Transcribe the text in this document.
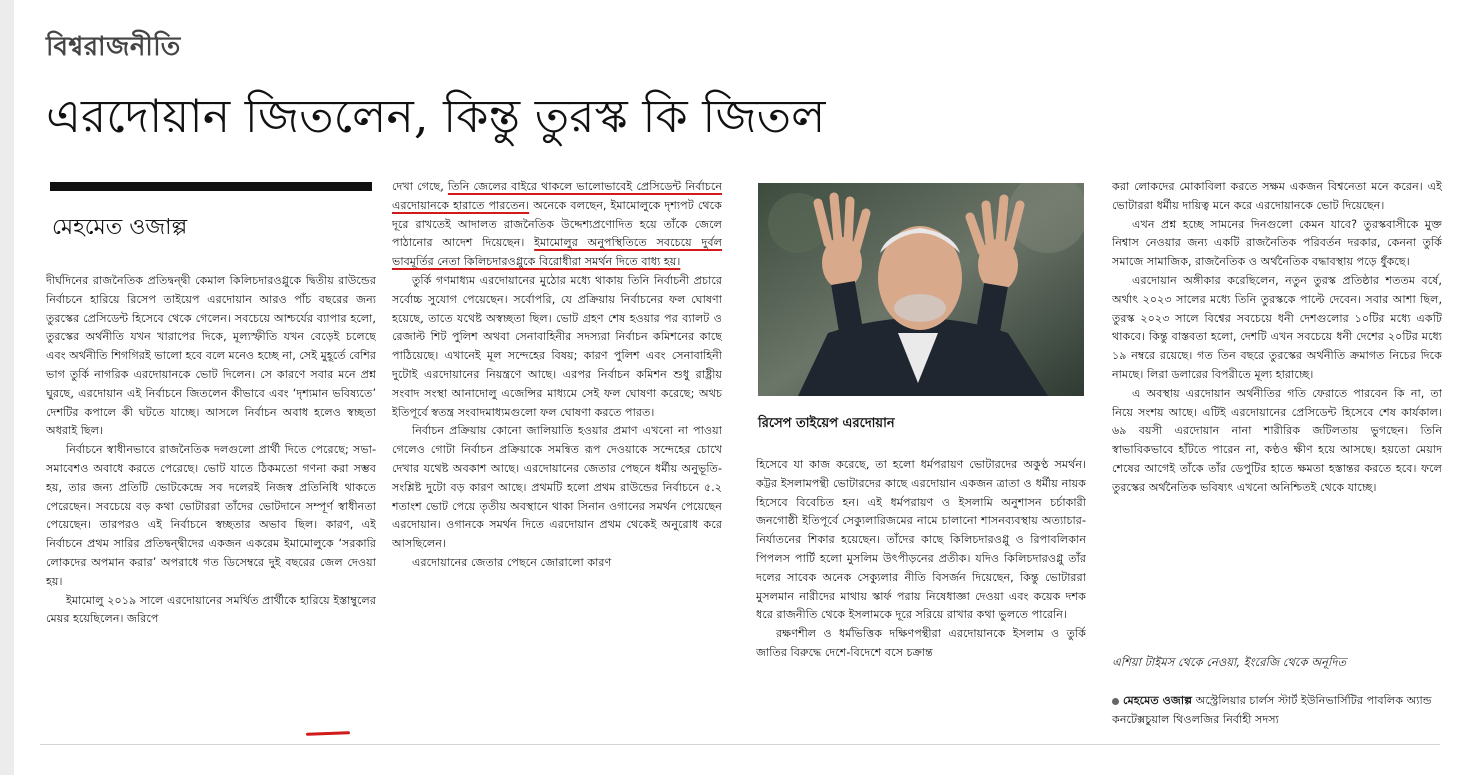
বিশ্বরাজনীতি
এরদোয়ান জিতলেন, কিন্তু তুরস্ক কি জিতল
মেহমেত ওজাল্প

দীর্ঘদিনের রাজনৈতিক প্রতিদ্বন্দ্বী কেমাল কিলিচদারওগ্লুকে দ্বিতীয় রাউন্ডের নির্বাচনে হারিয়ে রিসেপ তাইয়েপ এরদোয়ান আরও পাঁচ বছরের জন্য তুরস্কের প্রেসিডেন্ট হিসেবে থেকে গেলেন। সবচেয়ে আশ্চর্যের ব্যাপার হলো, তুরস্কের অর্থনীতি যখন খারাপের দিকে, মূল্যস্ফীতি যখন বেড়েই চলেছে এবং অর্থনীতি শিগগিরই ভালো হবে বলে মনেও হচ্ছে না, সেই মুহূর্তে বেশির ভাগ তুর্কি নাগরিক এরদোয়ানকে ভোট দিলেন। সে কারণে সবার মনে প্রশ্ন ঘুরছে, এরদোয়ান এই নির্বাচনে জিতলেন কীভাবে এবং ‘দৃশ্যমান ভবিষ্যতে’ দেশটির কপালে কী ঘটতে যাচ্ছে। আসলে নির্বাচন অবাধ হলেও স্বচ্ছতা অধরাই ছিল।

নির্বাচনে স্বাধীনভাবে রাজনৈতিক দলগুলো প্রার্থী দিতে পেরেছে; সভা-সমাবেশও অবাধে করতে পেরেছে। ভোট যাতে ঠিকমতো গণনা করা সম্ভব হয়, তার জন্য প্রতিটি ভোটকেন্দ্রে সব দলেরই নিজস্ব প্রতিনিধি থাকতে পেরেছেন। সবচেয়ে বড় কথা ভোটাররা তাঁদের ভোটদানে সম্পূর্ণ স্বাধীনতা পেয়েছেন। তারপরও এই নির্বাচনে স্বচ্ছতার অভাব ছিল। কারণ, এই নির্বাচনে প্রথম সারির প্রতিদ্বন্দ্বীদের একজন একরেম ইমামোলুকে ‘সরকারি লোকদের অপমান করার’ অপরাধে গত ডিসেম্বরে দুই বছরের জেল দেওয়া হয়।

ইমামোলু ২০১৯ সালে এরদোয়ানের সমর্থিত প্রার্থীকে হারিয়ে ইস্তাম্বুলের মেয়র হয়েছিলেন। জরিপে

দেখা গেছে, তিনি জেলের বাইরে থাকলে ভালোভাবেই প্রেসিডেন্ট নির্বাচনে এরদোয়ানকে হারাতে পারতেন। অনেকে বলছেন, ইমামোলুকে দৃশ্যপট থেকে দূরে রাখতেই আদালত রাজনৈতিক উদ্দেশ্যপ্রণোদিত হয়ে তাঁকে জেলে পাঠানোর আদেশ দিয়েছেন। ইমামোলুর অনুপস্থিতিতে সবচেয়ে দুর্বল ভাবমূর্তির নেতা কিলিচদারওগ্লুকে বিরোধীরা সমর্থন দিতে বাধ্য হয়।

তুর্কি গণমাধ্যম এরদোয়ানের মুঠোর মধ্যে থাকায় তিনি নির্বাচনী প্রচারে সর্বোচ্চ সুযোগ পেয়েছেন। সর্বোপরি, যে প্রক্রিয়ায় নির্বাচনের ফল ঘোষণা হয়েছে, তাতে যথেষ্ট অস্বচ্ছতা ছিল। ভোট গ্রহণ শেষ হওয়ার পর ব্যালট ও রেজাল্ট শিট পুলিশ অথবা সেনাবাহিনীর সদস্যরা নির্বাচন কমিশনের কাছে পাঠিয়েছে। এখানেই মূল সন্দেহের বিষয়; কারণ পুলিশ এবং সেনাবাহিনী দুটোই এরদোয়ানের নিয়ন্ত্রণে আছে। এরপর নির্বাচন কমিশন শুধু রাষ্ট্রীয় সংবাদ সংস্থা আনাদোলু এজেন্সির মাধ্যমে সেই ফল ঘোষণা করেছে; অথচ ইতিপূর্বে স্বতন্ত্র সংবাদমাধ্যমগুলো ফল ঘোষণা করতে পারত।

নির্বাচন প্রক্রিয়ায় কোনো জালিয়াতি হওয়ার প্রমাণ এখনো না পাওয়া গেলেও গোটা নির্বাচন প্রক্রিয়াকে সমন্বিত রূপ দেওয়াকে সন্দেহের চোখে দেখার যথেষ্ট অবকাশ আছে। এরদোয়ানের জেতার পেছনে ধর্মীয় অনুভূতি-সংশ্লিষ্ট দুটো বড় কারণ আছে। প্রথমটি হলো প্রথম রাউন্ডের নির্বাচনে ৫.২ শতাংশ ভোট পেয়ে তৃতীয় অবস্থানে থাকা সিনান ওগানের সমর্থন পেয়েছেন এরদোয়ান। ওগানকে সমর্থন দিতে এরদোয়ান প্রথম থেকেই অনুরোধ করে আসছিলেন।

এরদোয়ানের জেতার পেছনে জোরালো কারণ

রিসেপ তাইয়েপ এরদোয়ান

হিসেবে যা কাজ করেছে, তা হলো ধর্মপরায়ণ ভোটারদের অকুণ্ঠ সমর্থন। কট্টর ইসলামপন্থী ভোটারদের কাছে এরদোয়ান একজন ত্রাতা ও ধর্মীয় নায়ক হিসেবে বিবেচিত হন। এই ধর্মপরায়ণ ও ইসলামি অনুশাসন চর্চাকারী জনগোষ্ঠী ইতিপূর্বে সেক্যুলারিজমের নামে চালানো শাসনব্যবস্থায় অত্যাচার-নির্যাতনের শিকার হয়েছেন। তাঁদের কাছে কিলিচদারওগ্লু ও রিপাবলিকান পিপলস পার্টি হলো মুসলিম উৎপীড়নের প্রতীক। যদিও কিলিচদারওগ্লু তাঁর দলের সাবেক অনেক সেক্যুলার নীতি বিসর্জন দিয়েছেন, কিন্তু ভোটাররা মুসলমান নারীদের মাথায় স্কার্ফ পরায় নিষেধাজ্ঞা দেওয়া এবং কয়েক দশক ধরে রাজনীতি থেকে ইসলামকে দূরে সরিয়ে রাখার কথা ভুলতে পারেনি।

রক্ষণশীল ও ধর্মভিত্তিক দক্ষিণপন্থীরা এরদোয়ানকে ইসলাম ও তুর্কি জাতির বিরুদ্ধে দেশে-বিদেশে বসে চক্রান্ত

করা লোকদের মোকাবিলা করতে সক্ষম একজন বিশ্বনেতা মনে করেন। এই ভোটাররা ধর্মীয় দায়িত্ব মনে করে এরদোয়ানকে ভোট দিয়েছেন।

এখন প্রশ্ন হচ্ছে সামনের দিনগুলো কেমন যাবে? তুরস্কবাসীকে মুক্ত নিশ্বাস নেওয়ার জন্য একটি রাজনৈতিক পরিবর্তন দরকার, কেননা তুর্কি সমাজে সামাজিক, রাজনৈতিক ও অর্থনৈতিক বদ্ধাবস্থায় পড়ে ধুঁকছে।

এরদোয়ান অঙ্গীকার করেছিলেন, নতুন তুরস্ক প্রতিষ্ঠার শততম বর্ষে, অর্থাৎ ২০২৩ সালের মধ্যে তিনি তুরস্ককে পাল্টে দেবেন। সবার আশা ছিল, তুরস্ক ২০২৩ সালে বিশ্বের সবচেয়ে ধনী দেশগুলোর ১০টির মধ্যে একটি থাকবে। কিন্তু বাস্তবতা হলো, দেশটি এখন সবচেয়ে ধনী দেশের ২০টির মধ্যে ১৯ নম্বরে রয়েছে। গত তিন বছরে তুরস্কের অর্থনীতি ক্রমাগত নিচের দিকে নামছে। লিরা ডলারের বিপরীতে মূল্য হারাচ্ছে।

এ অবস্থায় এরদোয়ান অর্থনীতির গতি ফেরাতে পারবেন কি না, তা নিয়ে সংশয় আছে। এটিই এরদোয়ানের প্রেসিডেন্ট হিসেবে শেষ কার্যকাল। ৬৯ বয়সী এরদোয়ান নানা শারীরিক জটিলতায় ভুগছেন। তিনি স্বাভাবিকভাবে হাঁটতে পারেন না, কণ্ঠও ক্ষীণ হয়ে আসছে। হয়তো মেয়াদ শেষের আগেই তাঁকে তাঁর ডেপুটির হাতে ক্ষমতা হস্তান্তর করতে হবে। ফলে তুরস্কের অর্থনৈতিক ভবিষ্যৎ এখনো অনিশ্চিতই থেকে যাচ্ছে।

এশিয়া টাইমস থেকে নেওয়া, ইংরেজি থেকে অনূদিত
মেহমেত ওজাল্প অস্ট্রেলিয়ার চার্লস স্টার্ট ইউনিভার্সিটির পাবলিক অ্যান্ড কনটেক্সচুয়াল থিওলজির নির্বাহী সদস্য
